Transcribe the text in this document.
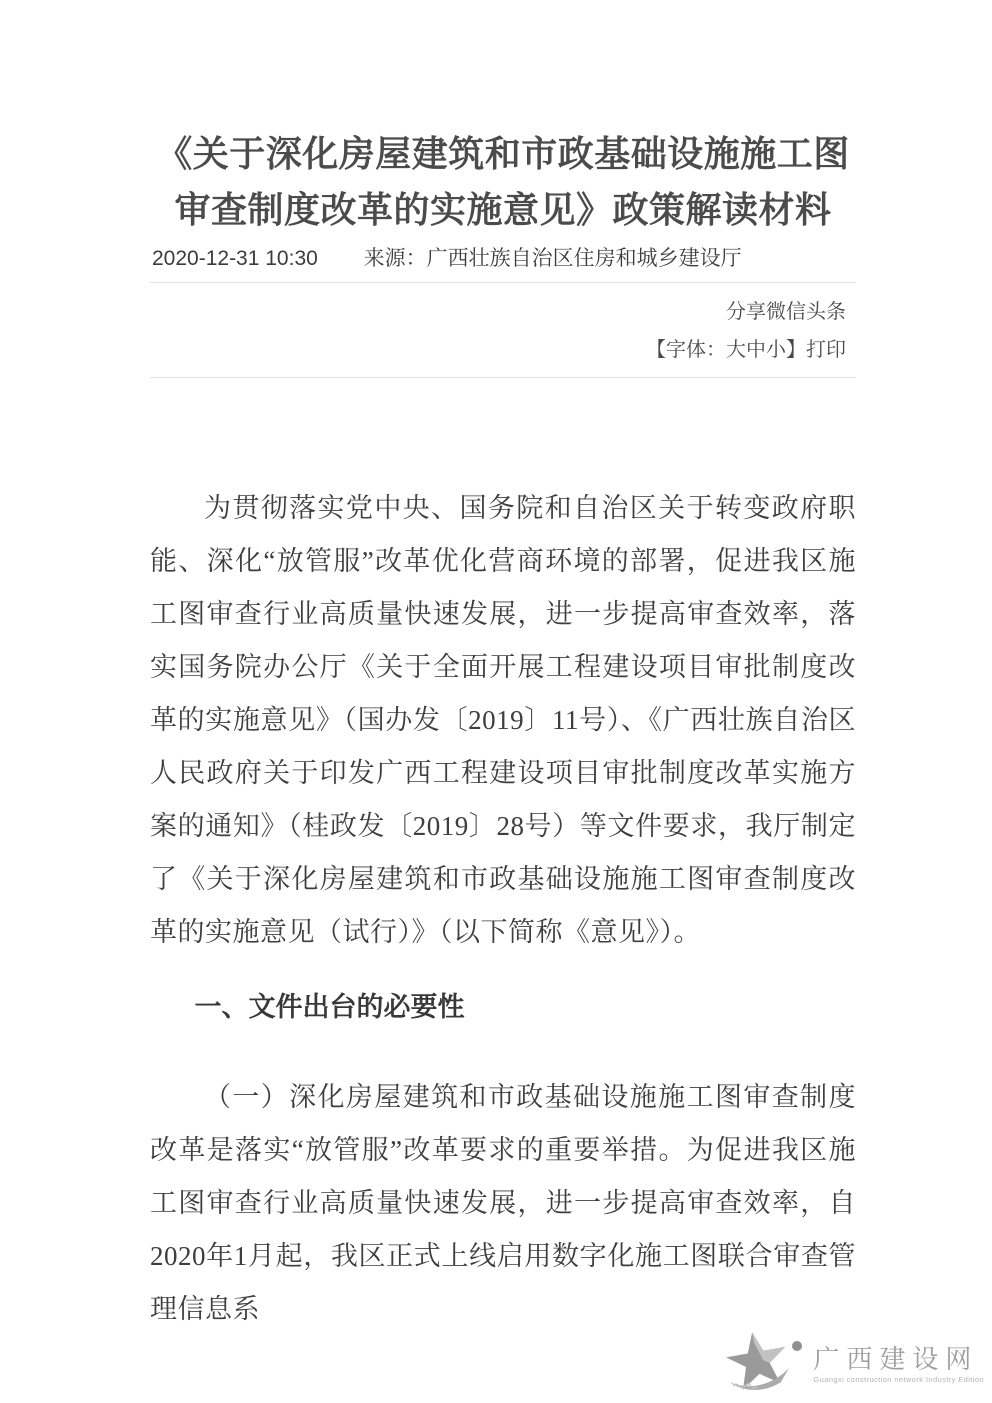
《关于深化房屋建筑和市政基础设施施工图审查制度改革的实施意见》政策解读材料
2020-12-31 10:30 来源：广西壮族自治区住房和城乡建设厅
分享微信头条
【字体：大中小】打印

为贯彻落实党中央、国务院和自治区关于转变政府职能、深化“放管服”改革优化营商环境的部署，促进我区施工图审查行业高质量快速发展，进一步提高审查效率，落实国务院办公厅《关于全面开展工程建设项目审批制度改革的实施意见》（国办发〔2019〕11号）、《广西壮族自治区人民政府关于印发广西工程建设项目审批制度改革实施方案的通知》（桂政发〔2019〕28号）等文件要求，我厅制定了《关于深化房屋建筑和市政基础设施施工图审查制度改革的实施意见（试行）》（以下简称《意见》）。

一、文件出台的必要性

（一）深化房屋建筑和市政基础设施施工图审查制度改革是落实“放管服”改革要求的重要举措。为促进我区施工图审查行业高质量快速发展，进一步提高审查效率，自2020年1月起，我区正式上线启用数字化施工图联合审查管理信息系

广西建设网
Guangxi construction network Industry Edition
